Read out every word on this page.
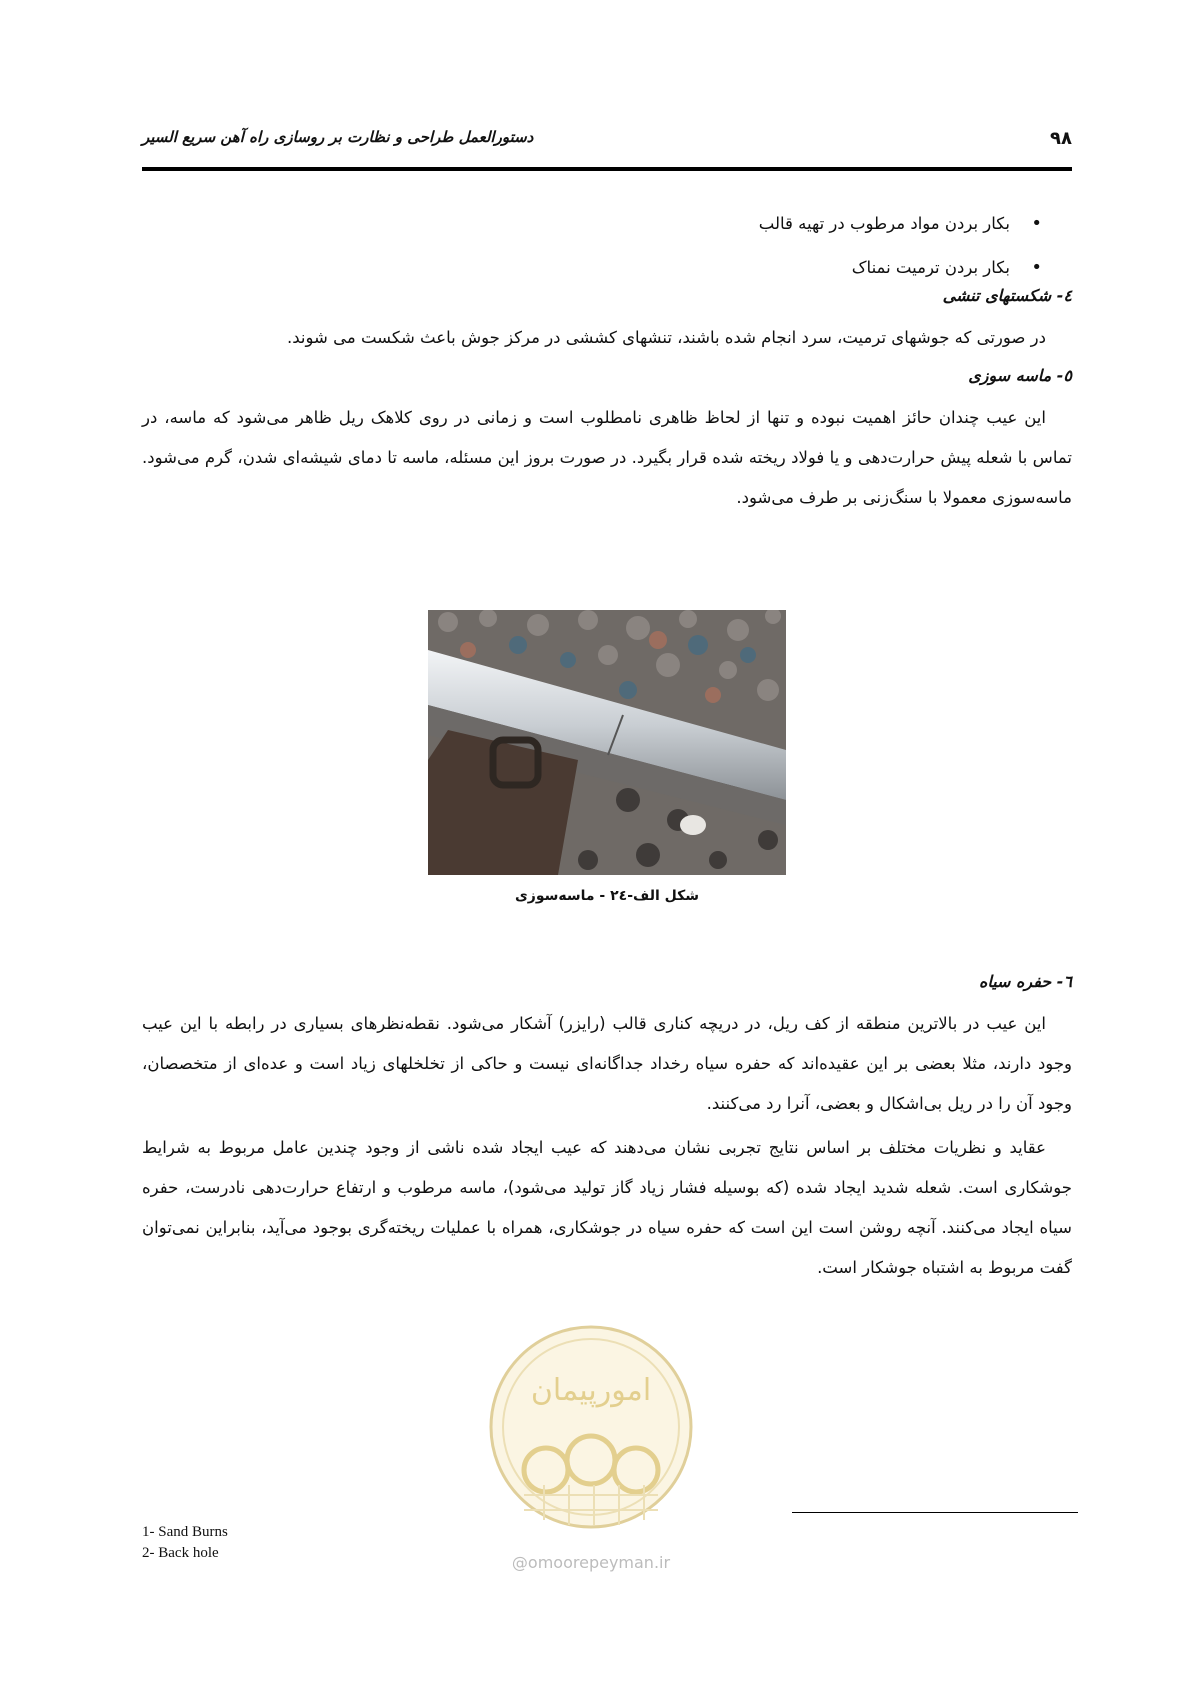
۹۸
دستورالعمل طراحی و نظارت بر روسازی راه آهن سریع السیر
• بکار بردن مواد مرطوب در تهیه قالب
• بکار بردن ترمیت نمناک
٤- شکستهای تنشی
در صورتی که جوشهای ترمیت، سرد انجام شده باشند، تنشهای کششی در مرکز جوش باعث شکست می شوند.
٥- ماسه سوزی
این عیب چندان حائز اهمیت نبوده و تنها از لحاظ ظاهری نامطلوب است و زمانی در روی کلاهک ریل ظاهر می‌شود که ماسه، در تماس با شعله پیش حرارت‌دهی و یا فولاد ریخته شده قرار بگیرد. در صورت بروز این مسئله، ماسه تا دمای شیشه‌ای شدن، گرم می‌شود. ماسه‌سوزی معمولا با سنگ‌زنی بر طرف می‌شود.
شکل الف-٢٤ - ماسه‌سوزی
٦- حفره سیاه
این عیب در بالاترین منطقه از کف ریل، در دریچه کناری قالب (رایزر) آشکار می‌شود. نقطه‌نظرهای بسیاری در رابطه با این عیب وجود دارند، مثلا بعضی بر این عقیده‌اند که حفره سیاه رخداد جداگانه‌ای نیست و حاکی از تخلخلهای زیاد است و عده‌ای از متخصصان، وجود آن را در ریل بی‌اشکال و بعضی، آنرا رد می‌کنند.
عقاید و نظریات مختلف بر اساس نتایج تجربی نشان می‌دهند که عیب ایجاد شده ناشی از وجود چندین عامل مربوط به شرایط جوشکاری است. شعله شدید ایجاد شده (که بوسیله فشار زیاد گاز تولید می‌شود)، ماسه مرطوب و ارتفاع حرارت‌دهی نادرست، حفره سیاه ایجاد می‌کنند. آنچه روشن است این است که حفره سیاه در جوشکاری، همراه با عملیات ریخته‌گری بوجود می‌آید، بنابراین نمی‌توان گفت مربوط به اشتباه جوشکار است.
امورپیمان
@omoorepeyman.ir
1- Sand Burns
2- Back hole
